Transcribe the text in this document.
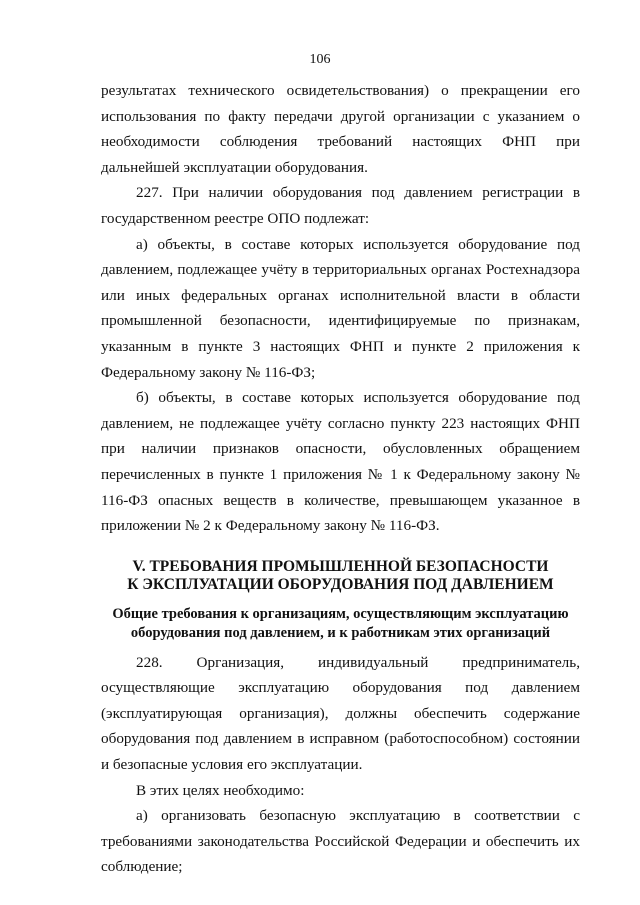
106

результатах технического освидетельствования) о прекращении его использования по факту передачи другой организации с указанием о необходимости соблюдения требований настоящих ФНП при дальнейшей эксплуатации оборудования.

227. При наличии оборудования под давлением регистрации в государственном реестре ОПО подлежат:

а) объекты, в составе которых используется оборудование под давлением, подлежащее учёту в территориальных органах Ростехнадзора или иных федеральных органах исполнительной власти в области промышленной безопасности, идентифицируемые по признакам, указанным в пункте 3 настоящих ФНП и пункте 2 приложения к Федеральному закону № 116-ФЗ;

б) объекты, в составе которых используется оборудование под давлением, не подлежащее учёту согласно пункту 223 настоящих ФНП при наличии признаков опасности, обусловленных обращением перечисленных в пункте 1 приложения № 1 к Федеральному закону № 116-ФЗ опасных веществ в количестве, превышающем указанное в приложении № 2 к Федеральному закону № 116-ФЗ.

V. ТРЕБОВАНИЯ ПРОМЫШЛЕННОЙ БЕЗОПАСНОСТИ
К ЭКСПЛУАТАЦИИ ОБОРУДОВАНИЯ ПОД ДАВЛЕНИЕМ
Общие требования к организациям, осуществляющим эксплуатацию
оборудования под давлением, и к работникам этих организаций

228. Организация, индивидуальный предприниматель, осуществляющие эксплуатацию оборудования под давлением (эксплуатирующая организация), должны обеспечить содержание оборудования под давлением в исправном (работоспособном) состоянии и безопасные условия его эксплуатации.

В этих целях необходимо:

а) организовать безопасную эксплуатацию в соответствии с требованиями законодательства Российской Федерации и обеспечить их соблюдение;
